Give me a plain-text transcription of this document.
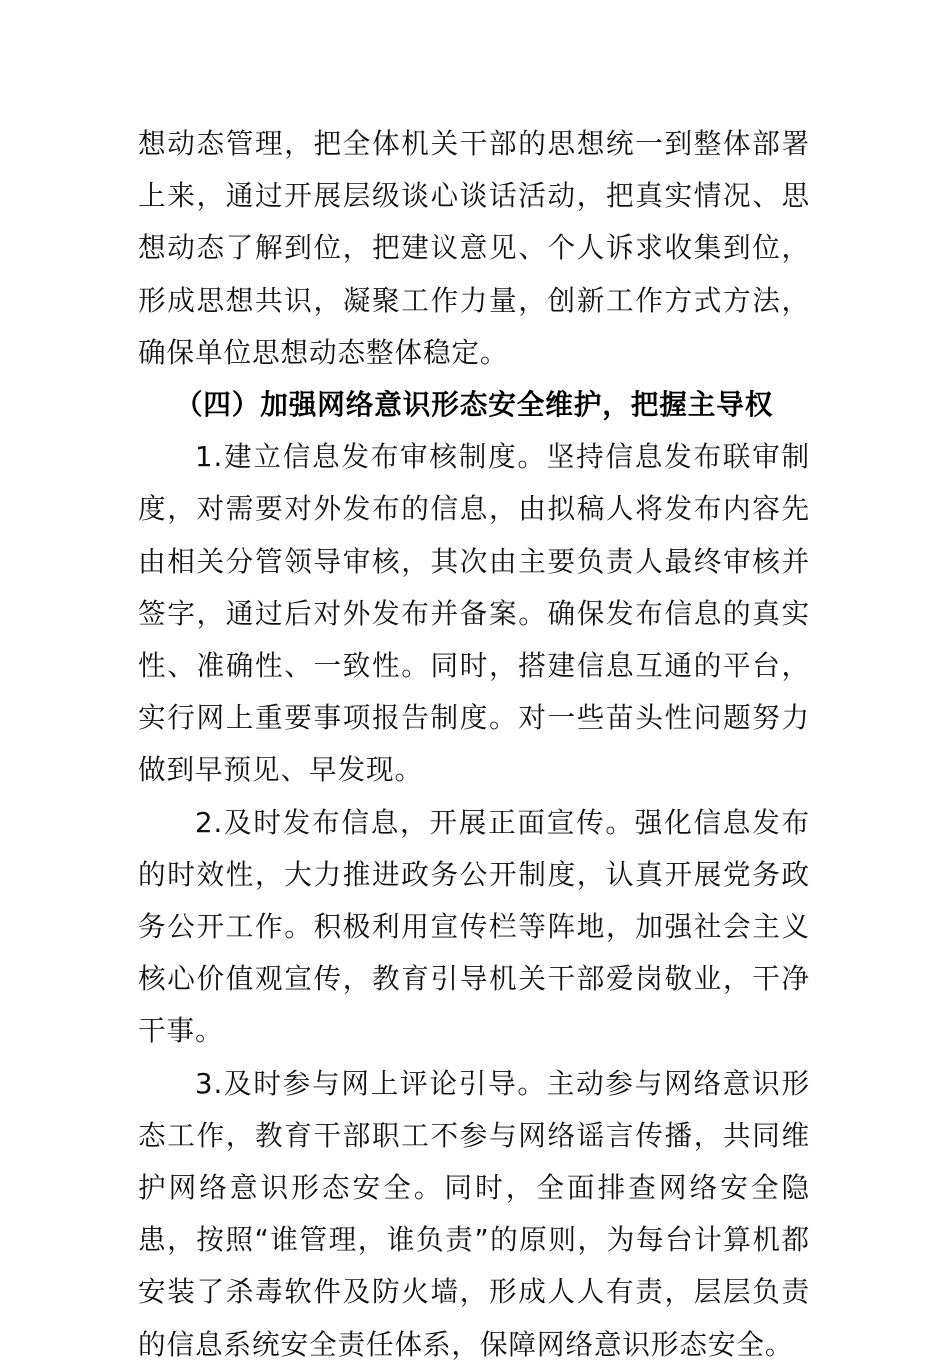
想动态管理，把全体机关干部的思想统一到整体部署上来，通过开展层级谈心谈话活动，把真实情况、思想动态了解到位，把建议意见、个人诉求收集到位，形成思想共识，凝聚工作力量，创新工作方式方法，确保单位思想动态整体稳定。

（四）加强网络意识形态安全维护，把握主导权

1.建立信息发布审核制度。坚持信息发布联审制度，对需要对外发布的信息，由拟稿人将发布内容先由相关分管领导审核，其次由主要负责人最终审核并签字，通过后对外发布并备案。确保发布信息的真实性、准确性、一致性。同时，搭建信息互通的平台，实行网上重要事项报告制度。对一些苗头性问题努力做到早预见、早发现。

2.及时发布信息，开展正面宣传。强化信息发布的时效性，大力推进政务公开制度，认真开展党务政务公开工作。积极利用宣传栏等阵地，加强社会主义核心价值观宣传，教育引导机关干部爱岗敬业，干净干事。

3.及时参与网上评论引导。主动参与网络意识形态工作，教育干部职工不参与网络谣言传播，共同维护网络意识形态安全。同时，全面排查网络安全隐患，按照“谁管理，谁负责”的原则，为每台计算机都安装了杀毒软件及防火墙，形成人人有责，层层负责的信息系统安全责任体系，保障网络意识形态安全。
